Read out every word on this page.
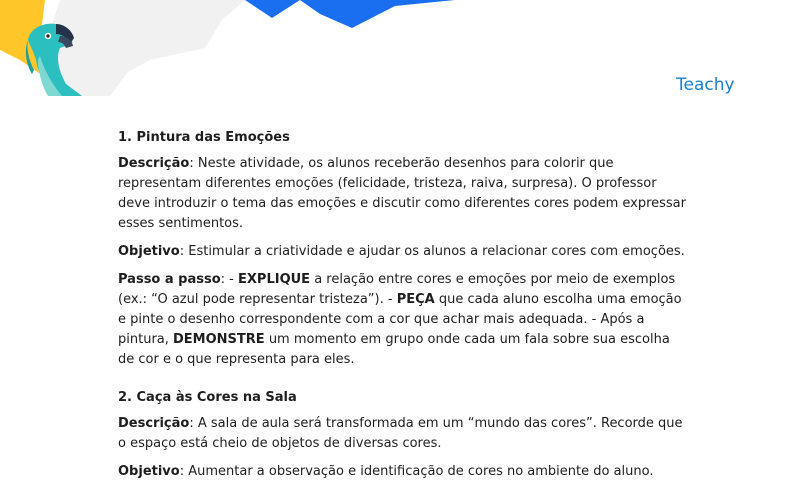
Teachy
1. Pintura das Emoções

Descrição: Neste atividade, os alunos receberão desenhos para colorir que representam diferentes emoções (felicidade, tristeza, raiva, surpresa). O professor deve introduzir o tema das emoções e discutir como diferentes cores podem expressar esses sentimentos.

Objetivo: Estimular a criatividade e ajudar os alunos a relacionar cores com emoções.

Passo a passo: - EXPLIQUE a relação entre cores e emoções por meio de exemplos (ex.: “O azul pode representar tristeza”). - PEÇA que cada aluno escolha uma emoção e pinte o desenho correspondente com a cor que achar mais adequada. - Após a pintura, DEMONSTRE um momento em grupo onde cada um fala sobre sua escolha de cor e o que representa para eles.

2. Caça às Cores na Sala

Descrição: A sala de aula será transformada em um “mundo das cores”. Recorde que o espaço está cheio de objetos de diversas cores.

Objetivo: Aumentar a observação e identificação de cores no ambiente do aluno.
